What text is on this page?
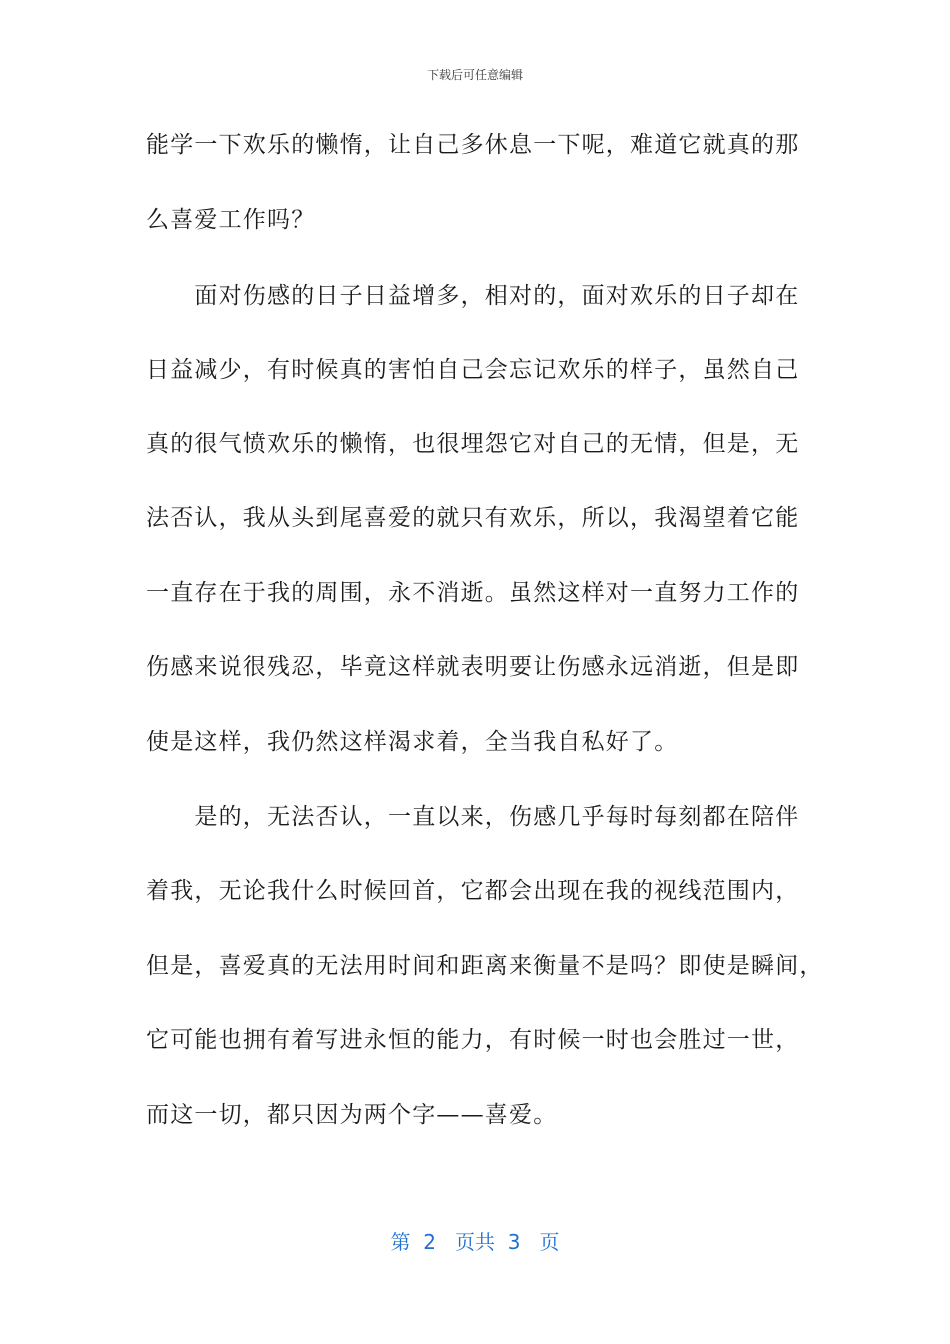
下载后可任意编辑
能学一下欢乐的懒惰，让自己多休息一下呢，难道它就真的那
么喜爱工作吗？
　　面对伤感的日子日益增多，相对的，面对欢乐的日子却在
日益减少，有时候真的害怕自己会忘记欢乐的样子，虽然自己
真的很气愤欢乐的懒惰，也很埋怨它对自己的无情，但是，无
法否认，我从头到尾喜爱的就只有欢乐，所以，我渴望着它能
一直存在于我的周围，永不消逝。虽然这样对一直努力工作的
伤感来说很残忍，毕竟这样就表明要让伤感永远消逝，但是即
使是这样，我仍然这样渴求着，全当我自私好了。
　　是的，无法否认，一直以来，伤感几乎每时每刻都在陪伴
着我，无论我什么时候回首，它都会出现在我的视线范围内，
但是，喜爱真的无法用时间和距离来衡量不是吗？即使是瞬间，
它可能也拥有着写进永恒的能力，有时候一时也会胜过一世，
而这一切，都只因为两个字——喜爱。
第  2   页共  3   页
